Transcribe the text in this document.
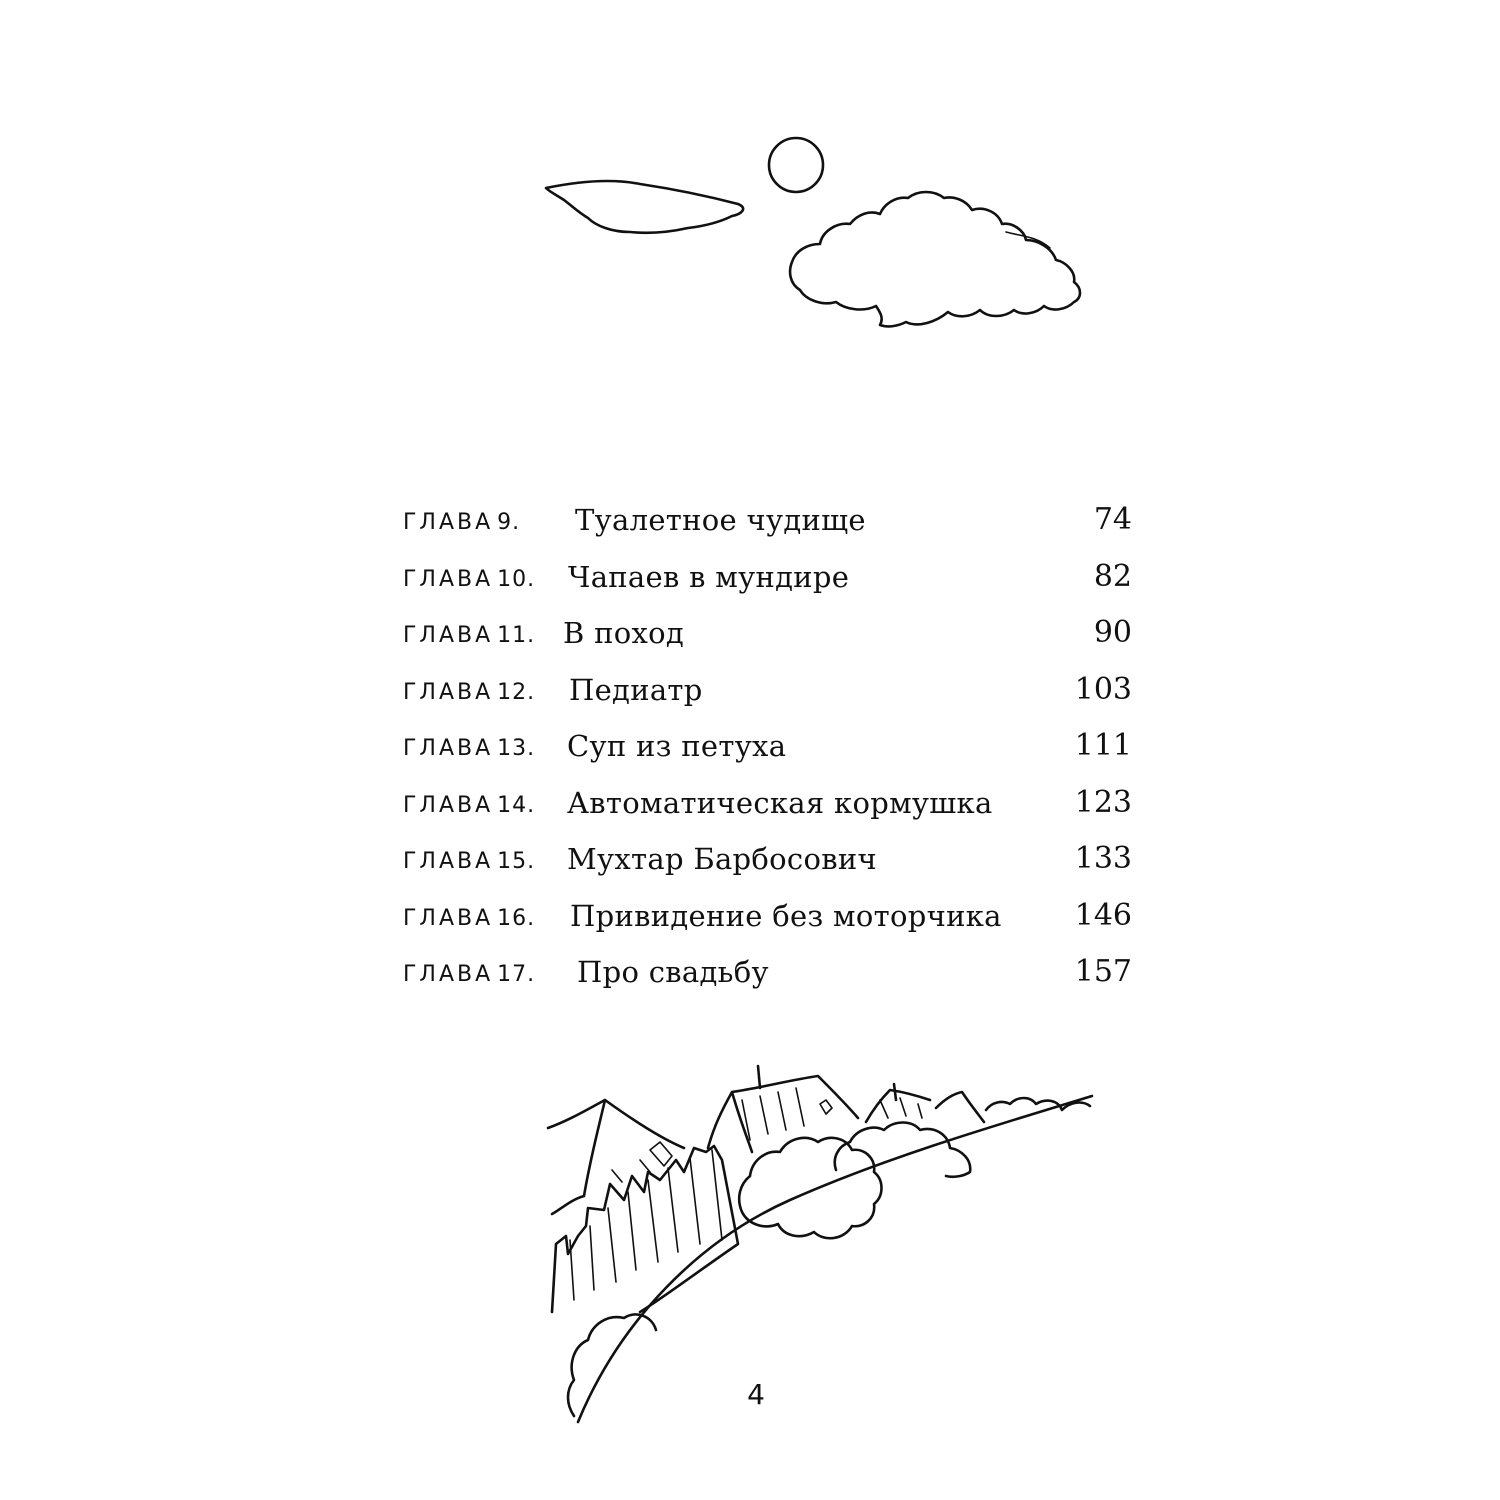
ГЛАВА 9. Туалетное чудище	74
ГЛАВА 10. Чапаев в мундире	82
ГЛАВА 11. В поход	90
ГЛАВА 12. Педиатр	103
ГЛАВА 13. Суп из петуха	111
ГЛАВА 14. Автоматическая кормушка	123
ГЛАВА 15. Мухтар Барбосович	133
ГЛАВА 16. Привидение без моторчика 146
ГЛАВА 17. Про свадьбу	157
4
